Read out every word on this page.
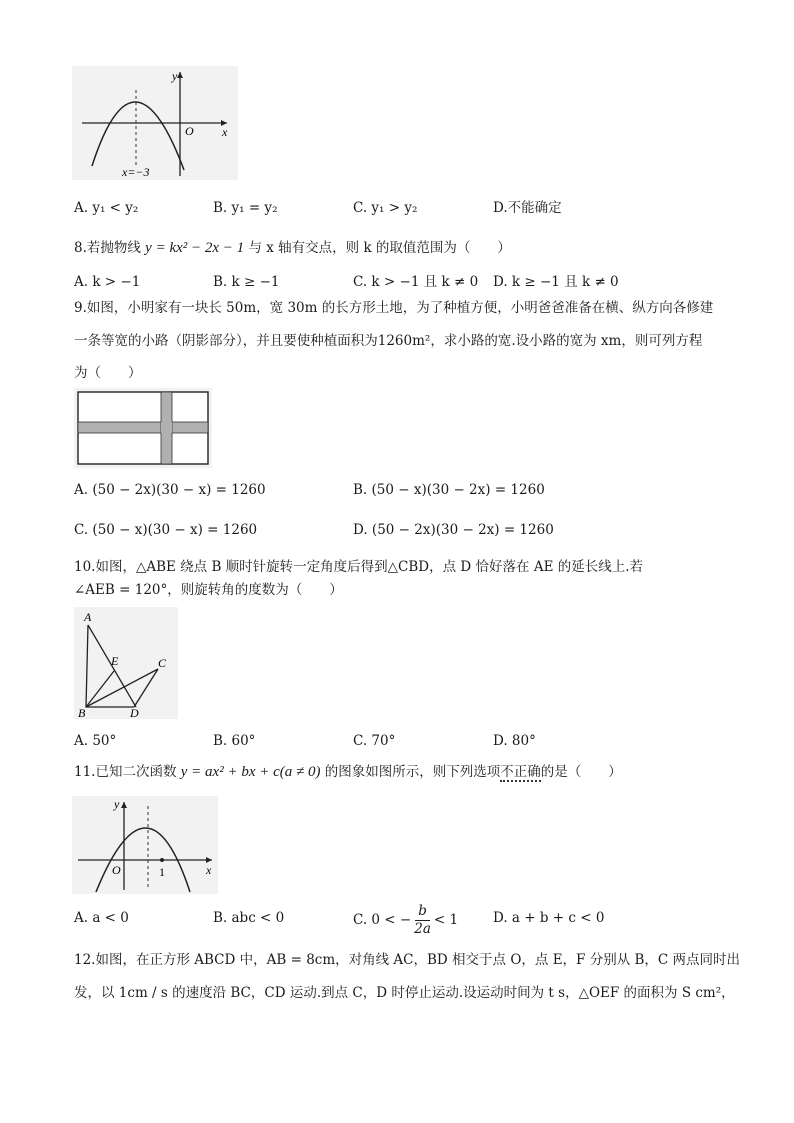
y
x
O
x=−3
A. y₁ < y₂	B. y₁ = y₂	C. y₁ > y₂	D.不能确定
8.若抛物线 y = kx² − 2x − 1 与 x 轴有交点，则 k 的取值范围为（　　）
A. k > −1	B. k ≥ −1	C. k > −1 且 k ≠ 0 D. k ≥ −1 且 k ≠ 0
9.如图，小明家有一块长 50m，宽 30m 的长方形土地，为了种植方便，小明爸爸准备在横、纵方向各修建
一条等宽的小路（阴影部分），并且要使种植面积为1260m²，求小路的宽.设小路的宽为 xm，则可列方程
为（　　）
A. (50 − 2x)(30 − x) = 1260	B. (50 − x)(30 − 2x) = 1260
C. (50 − x)(30 − x) = 1260	D. (50 − 2x)(30 − 2x) = 1260
10.如图，△ABE 绕点 B 顺时针旋转一定角度后得到△CBD，点 D 恰好落在 AE 的延长线上.若
∠AEB = 120°，则旋转角的度数为（　　）
A
E	C
B	D
A. 50°	B. 60°	C. 70°	D. 80°
11.已知二次函数 y = ax² + bx + c(a ≠ 0) 的图象如图所示，则下列选项不正确的是（　　）
y
x
O	1
A. a < 0	B. abc < 0	C. 0 < − $\frac{b}{2a} < 1$	D. a + b + c < 0
12.如图，在正方形 ABCD 中，AB = 8cm，对角线 AC，BD 相交于点 O，点 E，F 分别从 B，C 两点同时出
发，以 1cm / s 的速度沿 BC，CD 运动.到点 C，D 时停止运动.设运动时间为 t s，△OEF 的面积为 S cm²，
